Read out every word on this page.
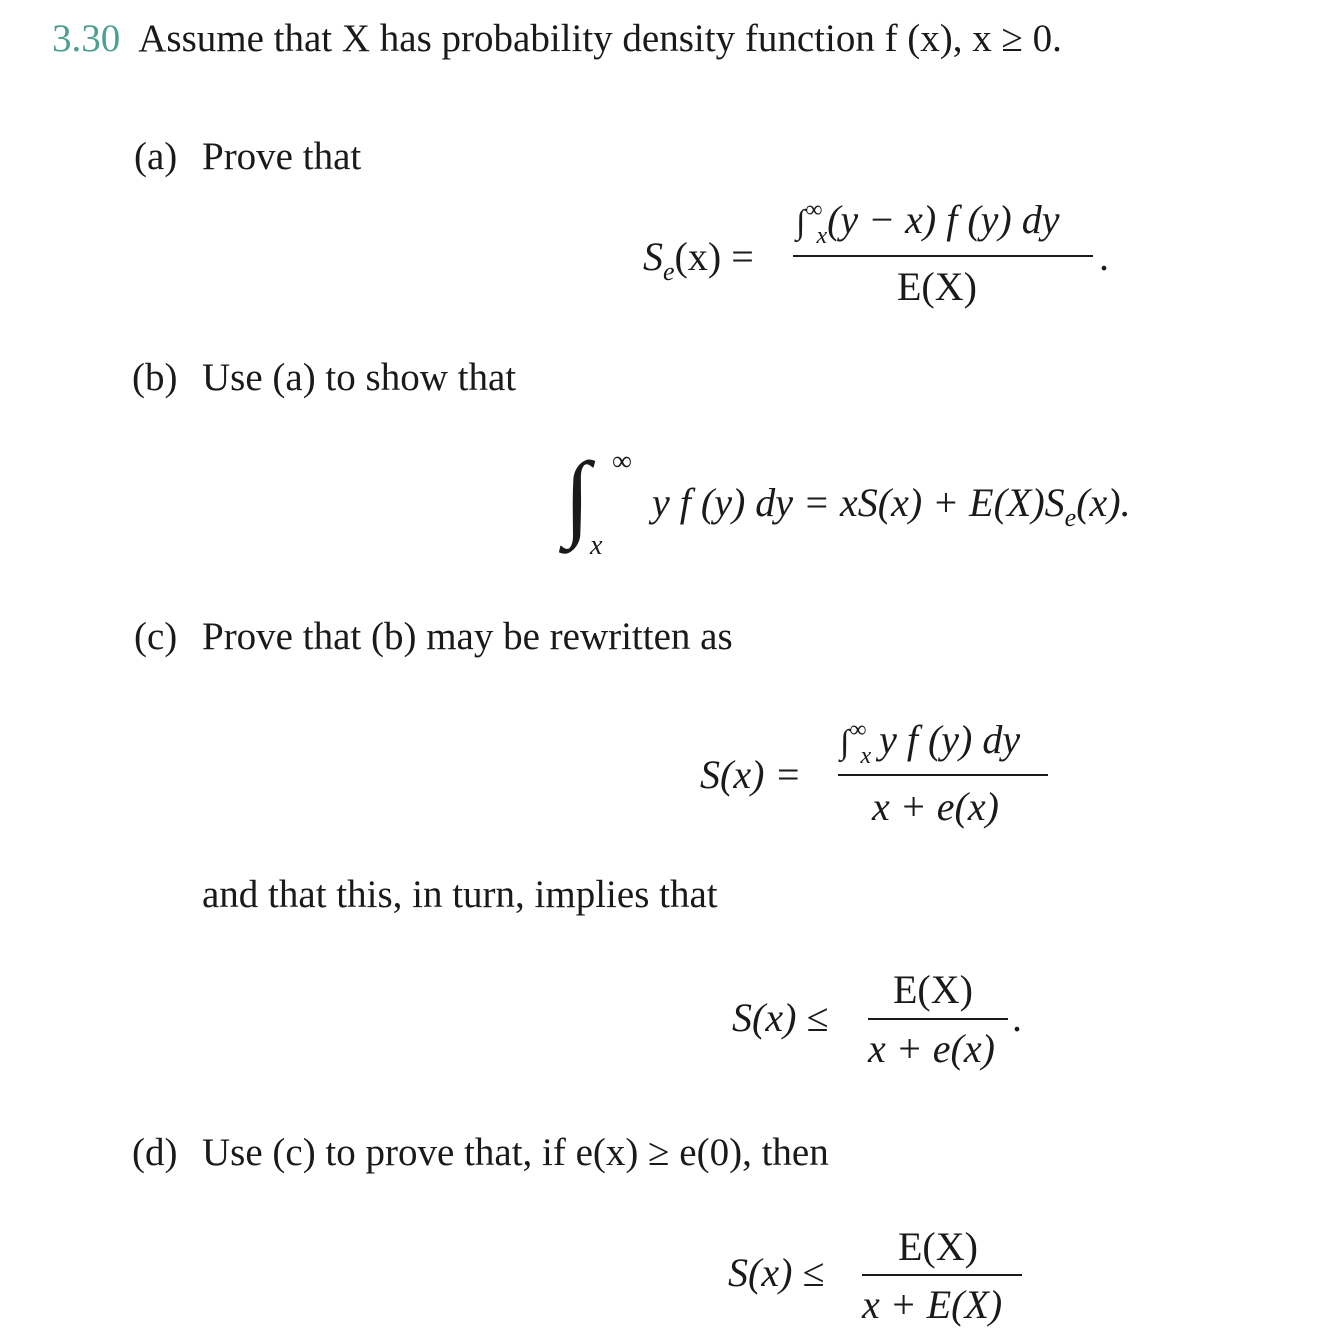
3.30 Assume that X has probability density function f (x), x ≥ 0.
(a) Prove that
$S_e(x)$ =
$\int^\infty_x(y - x)$ f (y) dy
E(X)
.
(b) Use (a) to show that
∫ ∞
x
y f (y) dy = $xS(x) + E(X)S_e(x)$.
(c) Prove that (b) may be rewritten as
S(x) =
$\int^\infty_x$ y f (y) dy
x + e(x)
and that this, in turn, implies that
S(x) ≤
E(X)
x + e(x)
.
(d) Use (c) to prove that, if e(x) ≥ e(0), then
S(x) ≤
E(X)
x + E(X)
